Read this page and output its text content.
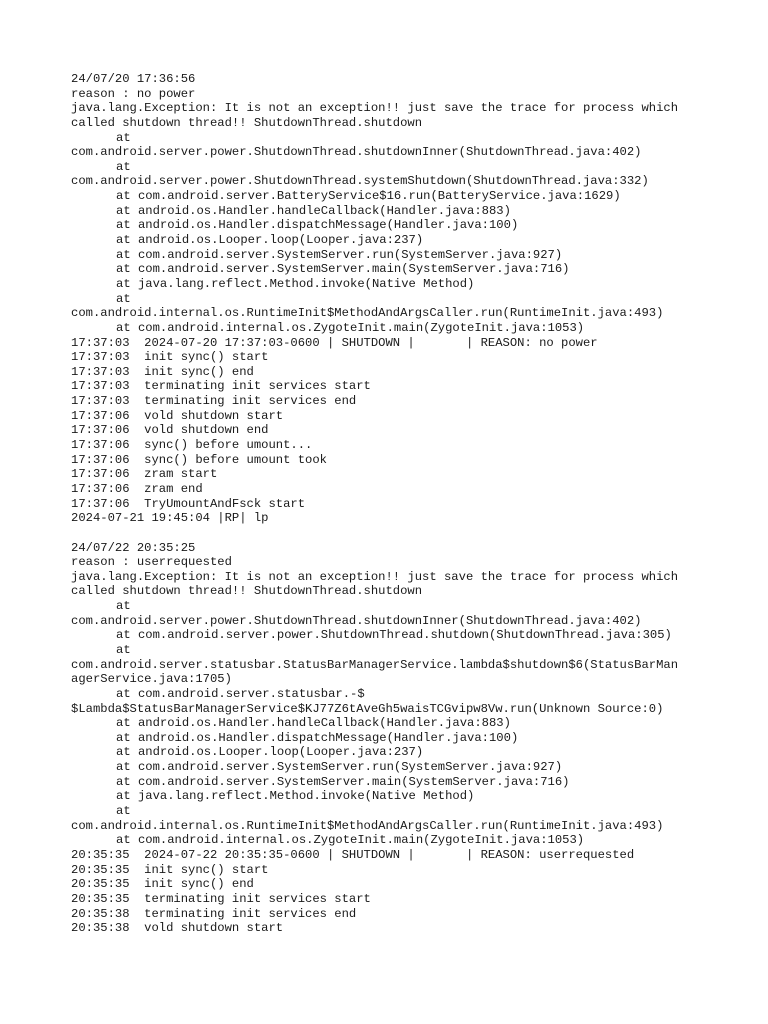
24/07/20 17:36:56
reason : no power
java.lang.Exception: It is not an exception!! just save the trace for process which
called shutdown thread!! ShutdownThread.shutdown
at
com.android.server.power.ShutdownThread.shutdownInner(ShutdownThread.java:402)
at
com.android.server.power.ShutdownThread.systemShutdown(ShutdownThread.java:332)
at com.android.server.BatteryService$16.run(BatteryService.java:1629)
at android.os.Handler.handleCallback(Handler.java:883)
at android.os.Handler.dispatchMessage(Handler.java:100)
at android.os.Looper.loop(Looper.java:237)
at com.android.server.SystemServer.run(SystemServer.java:927)
at com.android.server.SystemServer.main(SystemServer.java:716)
at java.lang.reflect.Method.invoke(Native Method)
at
com.android.internal.os.RuntimeInit$MethodAndArgsCaller.run(RuntimeInit.java:493)
at com.android.internal.os.ZygoteInit.main(ZygoteInit.java:1053)
17:37:03  2024-07-20 17:37:03-0600 | SHUTDOWN |       | REASON: no power
17:37:03  init sync() start
17:37:03  init sync() end
17:37:03  terminating init services start
17:37:03  terminating init services end
17:37:06  vold shutdown start
17:37:06  vold shutdown end
17:37:06  sync() before umount...
17:37:06  sync() before umount took
17:37:06  zram start
17:37:06  zram end
17:37:06  TryUmountAndFsck start
2024-07-21 19:45:04 |RP| lp
24/07/22 20:35:25
reason : userrequested
java.lang.Exception: It is not an exception!! just save the trace for process which
called shutdown thread!! ShutdownThread.shutdown
at
com.android.server.power.ShutdownThread.shutdownInner(ShutdownThread.java:402)
at com.android.server.power.ShutdownThread.shutdown(ShutdownThread.java:305)
at
com.android.server.statusbar.StatusBarManagerService.lambda$shutdown$6(StatusBarMan
agerService.java:1705)
at com.android.server.statusbar.-$
$Lambda$StatusBarManagerService$KJ77Z6tAveGh5waisTCGvipw8Vw.run(Unknown Source:0)
at android.os.Handler.handleCallback(Handler.java:883)
at android.os.Handler.dispatchMessage(Handler.java:100)
at android.os.Looper.loop(Looper.java:237)
at com.android.server.SystemServer.run(SystemServer.java:927)
at com.android.server.SystemServer.main(SystemServer.java:716)
at java.lang.reflect.Method.invoke(Native Method)
at
com.android.internal.os.RuntimeInit$MethodAndArgsCaller.run(RuntimeInit.java:493)
at com.android.internal.os.ZygoteInit.main(ZygoteInit.java:1053)
20:35:35  2024-07-22 20:35:35-0600 | SHUTDOWN |       | REASON: userrequested
20:35:35  init sync() start
20:35:35  init sync() end
20:35:35  terminating init services start
20:35:38  terminating init services end
20:35:38  vold shutdown start
